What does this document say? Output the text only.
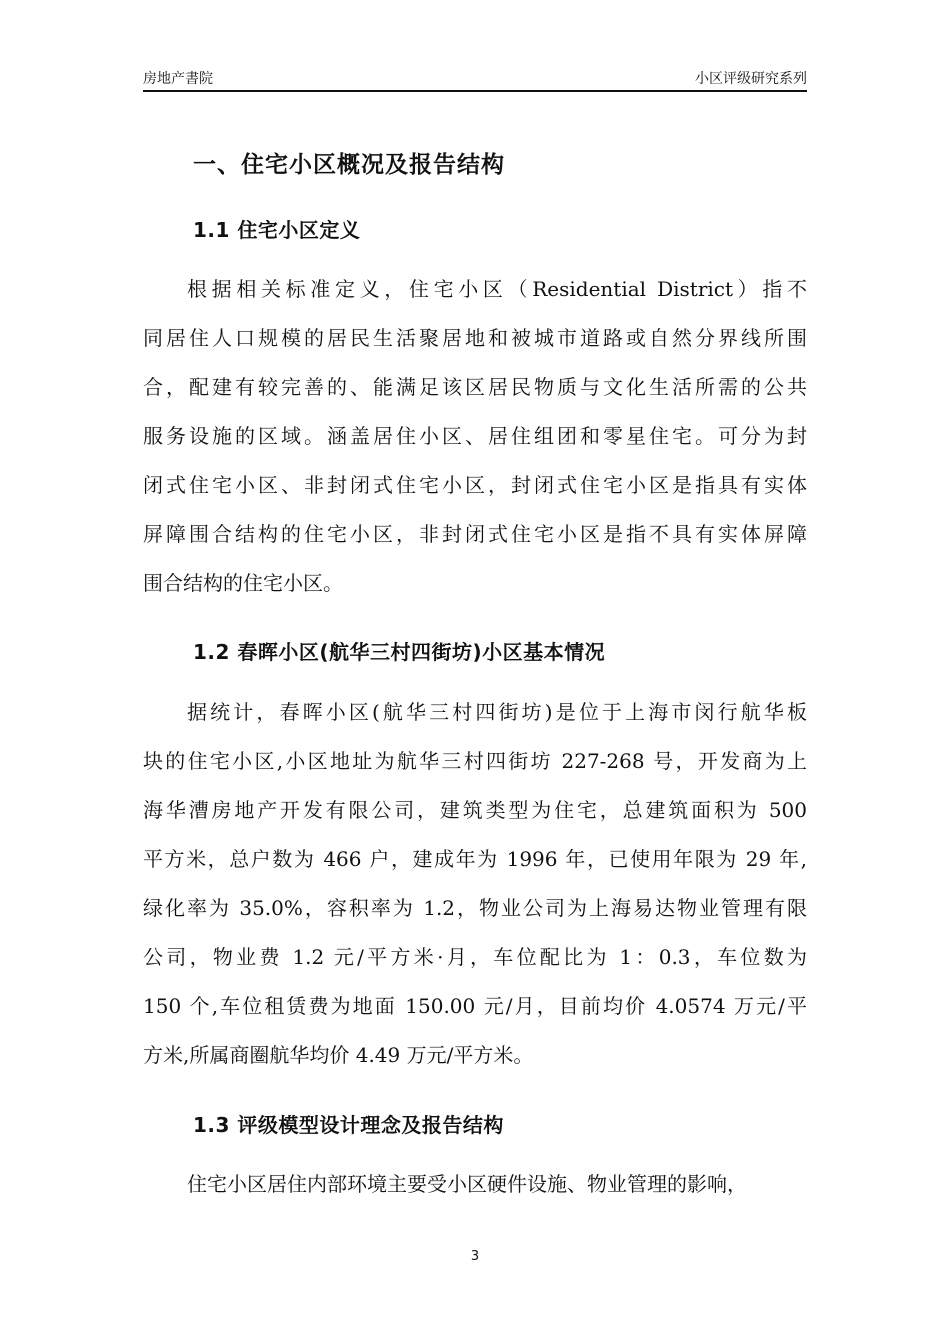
房地产書院	小区评级研究系列
一、住宅小区概况及报告结构
1.1 住宅小区定义
根据相关标准定义，住宅小区（Residential District）指不
同居住人口规模的居民生活聚居地和被城市道路或自然分界线所围
合，配建有较完善的、能满足该区居民物质与文化生活所需的公共
服务设施的区域。涵盖居住小区、居住组团和零星住宅。可分为封
闭式住宅小区、非封闭式住宅小区，封闭式住宅小区是指具有实体
屏障围合结构的住宅小区，非封闭式住宅小区是指不具有实体屏障
围合结构的住宅小区。
1.2 春晖小区(航华三村四街坊)小区基本情况
据统计，春晖小区(航华三村四街坊)是位于上海市闵行航华板
块的住宅小区,小区地址为航华三村四街坊 227-268 号，开发商为上
海华漕房地产开发有限公司，建筑类型为住宅，总建筑面积为 500
平方米，总户数为 466 户，建成年为 1996 年，已使用年限为 29 年,
绿化率为 35.0%，容积率为 1.2，物业公司为上海易达物业管理有限
公司，物业费 1.2 元/平方米·月，车位配比为 1：0.3，车位数为
150 个,车位租赁费为地面 150.00 元/月，目前均价 4.0574 万元/平
方米,所属商圈航华均价 4.49 万元/平方米。
1.3 评级模型设计理念及报告结构
住宅小区居住内部环境主要受小区硬件设施、物业管理的影响，
3
